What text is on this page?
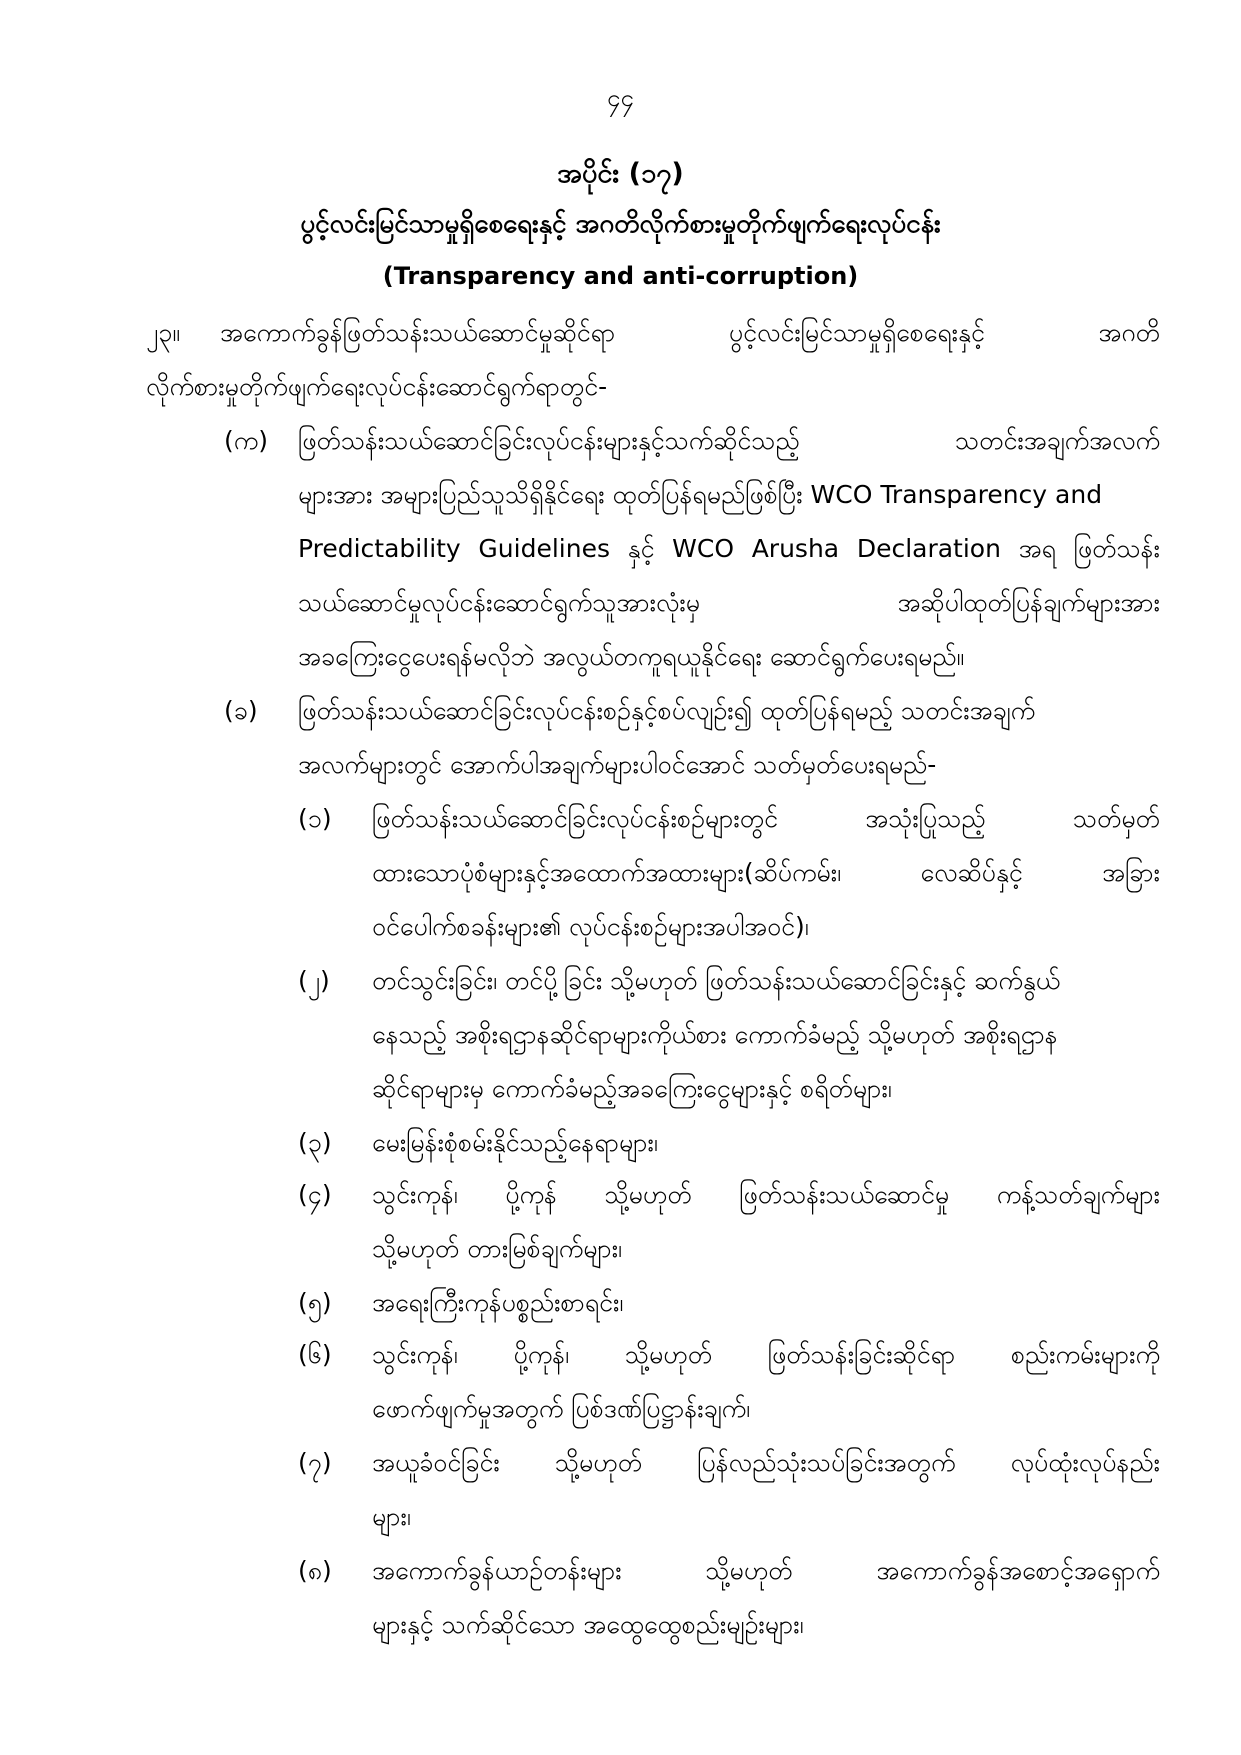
၄၄
အပိုင်း (၁၇)
ပွင့်လင်းမြင်သာမှုရှိစေရေးနှင့် အဂတိလိုက်စားမှုတိုက်ဖျက်ရေးလုပ်ငန်း
(Transparency and anti-corruption)
၂၃။ အကောက်ခွန်ဖြတ်သန်းသယ်ဆောင်မှုဆိုင်ရာ	ပွင့်လင်းမြင်သာမှုရှိစေရေးနှင့်	အဂတိ
လိုက်စားမှုတိုက်ဖျက်ရေးလုပ်ငန်းဆောင်ရွက်ရာတွင်-
(က) ဖြတ်သန်းသယ်ဆောင်ခြင်းလုပ်ငန်းများနှင့်သက်ဆိုင်သည့်	သတင်းအချက်အလက်
များအား အများပြည်သူသိရှိနိုင်ရေး ထုတ်ပြန်ရမည်ဖြစ်ပြီး WCO Transparency and
Predictability Guidelines နှင့် WCO Arusha Declaration အရ ဖြတ်သန်း
သယ်ဆောင်မှုလုပ်ငန်းဆောင်ရွက်သူအားလုံးမှ	အဆိုပါထုတ်ပြန်ချက်များအား
အခကြေးငွေပေးရန်မလိုဘဲ အလွယ်တကူရယူနိုင်ရေး ဆောင်ရွက်ပေးရမည်။
(ခ) ဖြတ်သန်းသယ်ဆောင်ခြင်းလုပ်ငန်းစဉ်နှင့်စပ်လျဉ်း၍ ထုတ်ပြန်ရမည့် သတင်းအချက်
အလက်များတွင် အောက်ပါအချက်များပါဝင်အောင် သတ်မှတ်ပေးရမည်-
(၁) ဖြတ်သန်းသယ်ဆောင်ခြင်းလုပ်ငန်းစဉ်များတွင်	အသုံးပြုသည့်	သတ်မှတ်
ထားသောပုံစံများနှင့်အထောက်အထားများ(ဆိပ်ကမ်း၊	လေဆိပ်နှင့်	အခြား
ဝင်ပေါက်စခန်းများ၏ လုပ်ငန်းစဉ်များအပါအဝင်)၊
(၂) တင်သွင်းခြင်း၊ တင်ပို့ခြင်း သို့မဟုတ် ဖြတ်သန်းသယ်ဆောင်ခြင်းနှင့် ဆက်နွယ်
နေသည့် အစိုးရဌာနဆိုင်ရာများကိုယ်စား ကောက်ခံမည့် သို့မဟုတ် အစိုးရဌာန
ဆိုင်ရာများမှ ကောက်ခံမည့်အခကြေးငွေများနှင့် စရိတ်များ၊
(၃) မေးမြန်းစုံစမ်းနိုင်သည့်နေရာများ၊
(၄) သွင်းကုန်၊ ပို့ကုန် သို့မဟုတ် ဖြတ်သန်းသယ်ဆောင်မှု ကန့်သတ်ချက်များ
သို့မဟုတ် တားမြစ်ချက်များ၊
(၅) အရေးကြီးကုန်ပစ္စည်းစာရင်း၊
(၆) သွင်းကုန်၊ ပို့ကုန်၊ သို့မဟုတ် ဖြတ်သန်းခြင်းဆိုင်ရာ စည်းကမ်းများကို
ဖောက်ဖျက်မှုအတွက် ပြစ်ဒဏ်ပြဋ္ဌာန်းချက်၊
(၇) အယူခံဝင်ခြင်း သို့မဟုတ် ပြန်လည်သုံးသပ်ခြင်းအတွက် လုပ်ထုံးလုပ်နည်း
များ၊
(၈) အကောက်ခွန်ယာဉ်တန်းများ	သို့မဟုတ်	အကောက်ခွန်အစောင့်အရှောက်
များနှင့် သက်ဆိုင်သော အထွေထွေစည်းမျဉ်းများ၊
